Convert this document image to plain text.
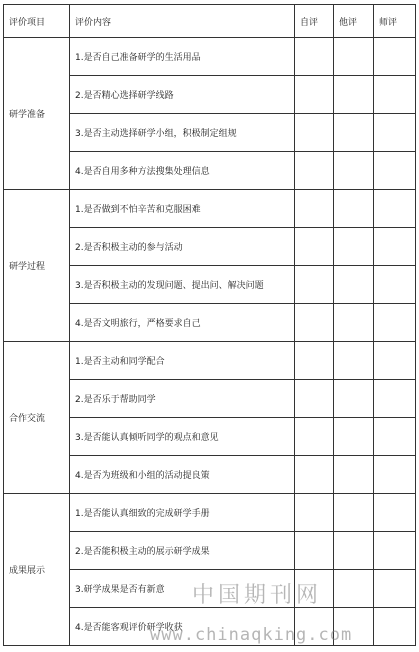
评价项目	评价内容	自评	他评	师评
研学准备	1.是否自己准备研学的生活用品			
	2.是否精心选择研学线路			
	3.是否主动选择研学小组，积极制定组规			
	4.是否自用多种方法搜集处理信息			
研学过程	1.是否做到不怕辛苦和克服困难			
	2.是否积极主动的参与活动			
	3.是否积极主动的发现问题、提出问、解决问题			
	4.是否文明旅行，严格要求自己			
合作交流	1.是否主动和同学配合			
	2.是否乐于帮助同学			
	3.是否能认真倾听同学的观点和意见			
	4.是否为班级和小组的活动提良策			
成果展示	1.是否能认真细致的完成研学手册			
	2.是否能积极主动的展示研学成果			
	3.研学成果是否有新意			
	4.是否能客观评价研学收获			
中国期刊网
www.chinaqking.com
